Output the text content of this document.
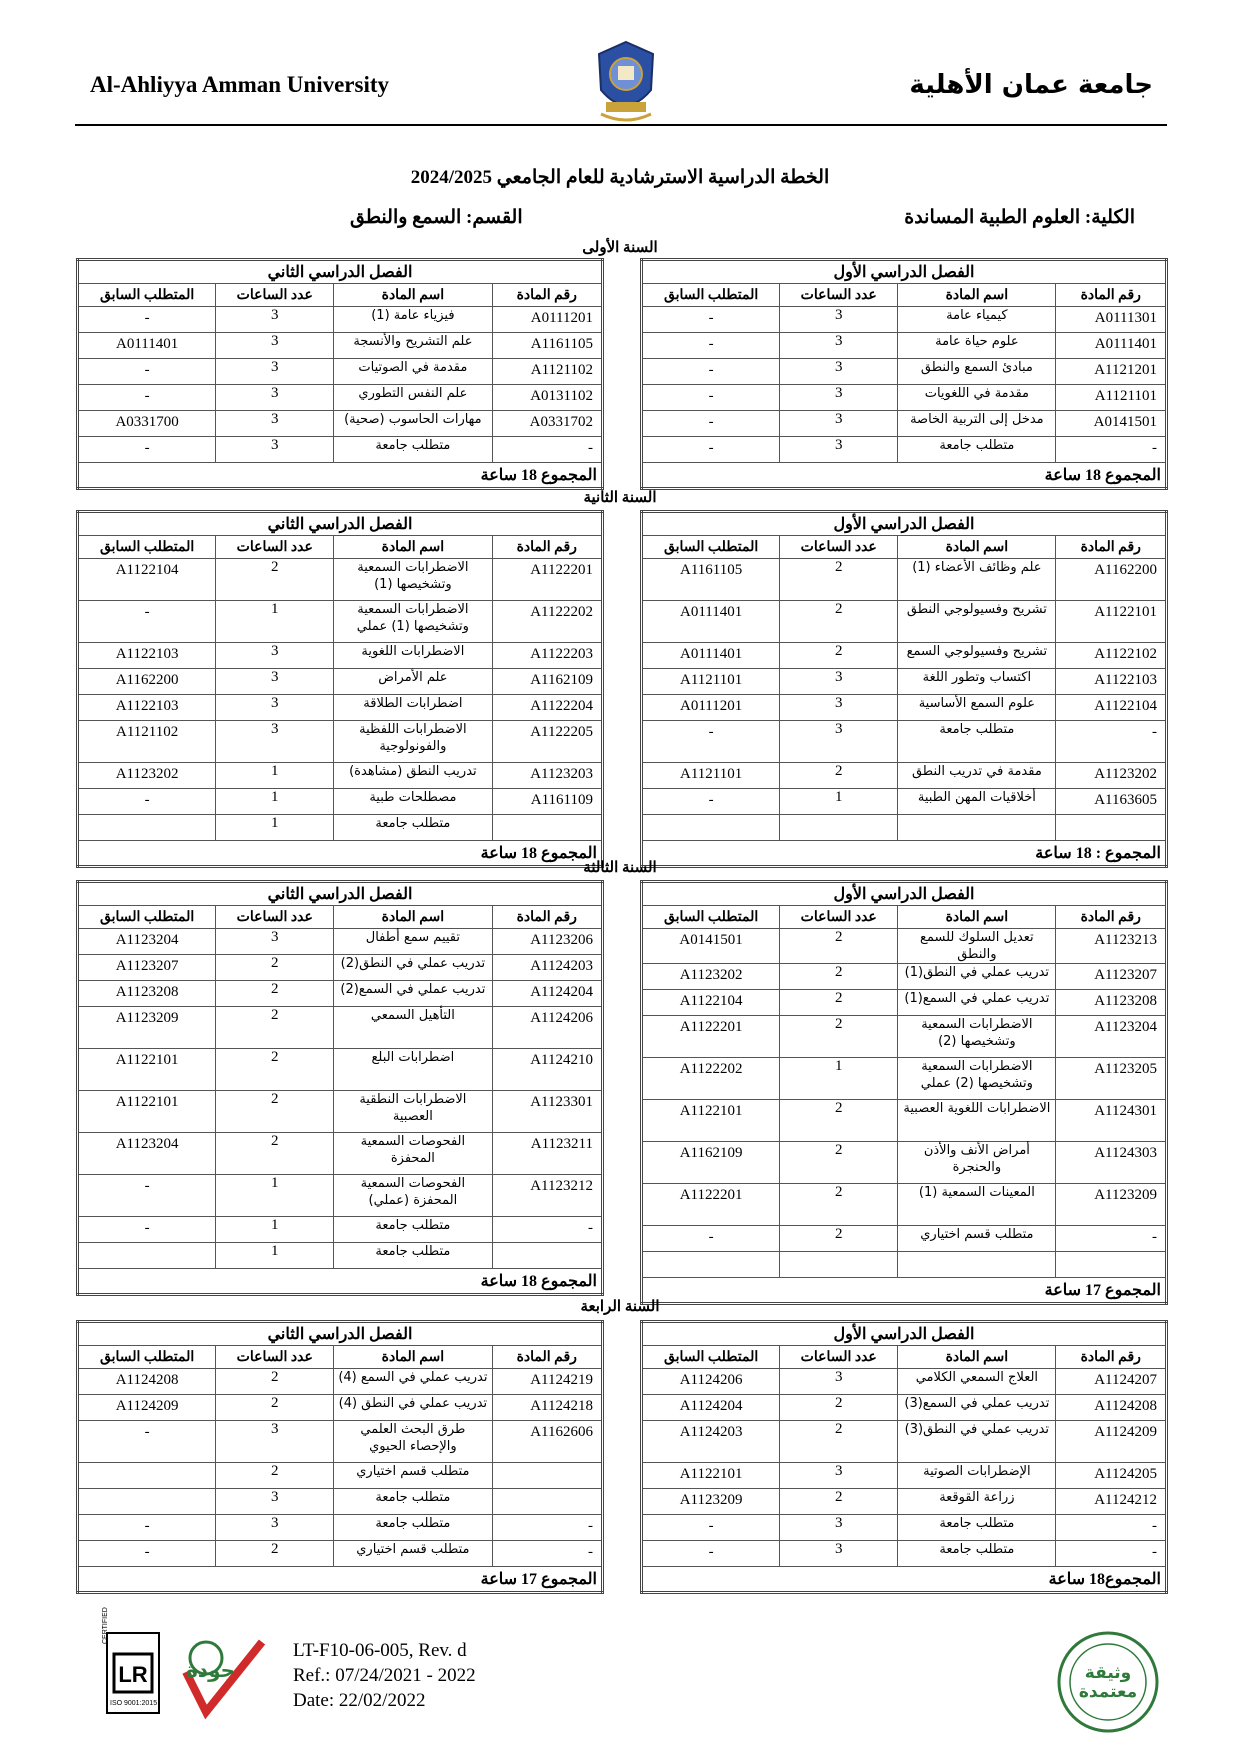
Al-Ahliyya Amman University	جامعة عمان الأهلية
الخطة الدراسية الاسترشادية للعام الجامعي 2024/2025
الكلية: العلوم الطبية المساندة
القسم: السمع والنطق
السنة الأولى
الفصل الدراسي الأول			
رقم المادة	اسم المادة	عدد الساعات	المتطلب السابق
A0111301	كيمياء عامة	3	-
A0111401	علوم حياة عامة	3	-
A1121201	مبادئ السمع والنطق	3	-
A1121101	مقدمة في اللغويات	3	-
A0141501	مدخل إلى التربية الخاصة	3	-
-	متطلب جامعة	3	-
المجموع 18 ساعة			
الفصل الدراسي الثاني			
رقم المادة	اسم المادة	عدد الساعات	المتطلب السابق
A0111201	فيزياء عامة (1)	3	-
A1161105	علم التشريح والأنسجة	3	A0111401
A1121102	مقدمة في الصوتيات	3	-
A0131102	علم النفس التطوري	3	-
A0331702	مهارات الحاسوب (صحية)	3	A0331700
-	متطلب جامعة	3	-
المجموع 18 ساعة			
السنة الثانية
الفصل الدراسي الأول			
رقم المادة	اسم المادة	عدد الساعات	المتطلب السابق
A1162200	علم وظائف الأعضاء (1)	2	A1161105
A1122101	تشريح وفسيولوجي النطق	2	A0111401
A1122102	تشريح وفسيولوجي السمع	2	A0111401
A1122103	اكتساب وتطور اللغة	3	A1121101
A1122104	علوم السمع الأساسية	3	A0111201
-	متطلب جامعة	3	-
A1123202	مقدمة في تدريب النطق	2	A1121101
A1163605	أخلاقيات المهن الطبية	1	-

المجموع : 18 ساعة			
الفصل الدراسي الثاني			
رقم المادة	اسم المادة	عدد الساعات	المتطلب السابق
A1122201	الاضطرابات السمعية وتشخيصها (1)	2	A1122104
A1122202	الاضطرابات السمعية وتشخيصها (1) عملي	1	-
A1122203	الاضطرابات اللغوية	3	A1122103
A1162109	علم الأمراض	3	A1162200
A1122204	اضطرابات الطلاقة	3	A1122103
A1122205	الاضطرابات اللفظية والفونولوجية	3	A1121102
A1123203	تدريب النطق (مشاهدة)	1	A1123202
A1161109	مصطلحات طبية	1	-
	متطلب جامعة	1	
المجموع 18 ساعة			
السنة الثالثة
الفصل الدراسي الأول			
رقم المادة	اسم المادة	عدد الساعات	المتطلب السابق
A1123213	تعديل السلوك للسمع والنطق	2	A0141501
A1123207	تدريب عملي في النطق(1)	2	A1123202
A1123208	تدريب عملي في السمع(1)	2	A1122104
A1123204	الاضطرابات السمعية وتشخيصها (2)	2	A1122201
A1123205	الاضطرابات السمعية وتشخيصها (2) عملي	1	A1122202
A1124301	الاضطرابات اللغوية العصبية	2	A1122101
A1124303	أمراض الأنف والأذن والحنجرة	2	A1162109
A1123209	المعينات السمعية (1)	2	A1122201
-	متطلب قسم اختياري	2	-

المجموع 17 ساعة			
الفصل الدراسي الثاني			
رقم المادة	اسم المادة	عدد الساعات	المتطلب السابق
A1123206	تقييم سمع أطفال	3	A1123204
A1124203	تدريب عملي في النطق(2)	2	A1123207
A1124204	تدريب عملي في السمع(2)	2	A1123208
A1124206	التأهيل السمعي	2	A1123209
A1124210	اضطرابات البلع	2	A1122101
A1123301	الاضطرابات النطقية العصبية	2	A1122101
A1123211	الفحوصات السمعية المحفزة	2	A1123204
A1123212	الفحوصات السمعية المحفزة (عملي)	1	-
-	متطلب جامعة	1	-
	متطلب جامعة	1	
المجموع 18 ساعة			
السنة الرابعة
الفصل الدراسي الأول			
رقم المادة	اسم المادة	عدد الساعات	المتطلب السابق
A1124207	العلاج السمعي الكلامي	3	A1124206
A1124208	تدريب عملي في السمع(3)	2	A1124204
A1124209	تدريب عملي في النطق(3)	2	A1124203
A1124205	الإضطرابات الصوتية	3	A1122101
A1124212	زراعة القوقعة	2	A1123209
-	متطلب جامعة	3	-
-	متطلب جامعة	3	-
المجموع18 ساعة			
الفصل الدراسي الثاني			
رقم المادة	اسم المادة	عدد الساعات	المتطلب السابق
A1124219	تدريب عملي في السمع (4)	2	A1124208
A1124218	تدريب عملي في النطق (4)	2	A1124209
A1162606	طرق البحث العلمي والإحصاء الحيوي	3	-
	متطلب قسم اختياري	2	
	متطلب جامعة	3	
-	متطلب جامعة	3	-
-	متطلب قسم اختياري	2	-
المجموع 17 ساعة			
LR
CERTIFIED
ISO 9001:2015
جودة
LT-F10-06-005, Rev. d
Ref.: 07/24/2021 - 2022
Date: 22/02/2022
وثيقة معتمدة
